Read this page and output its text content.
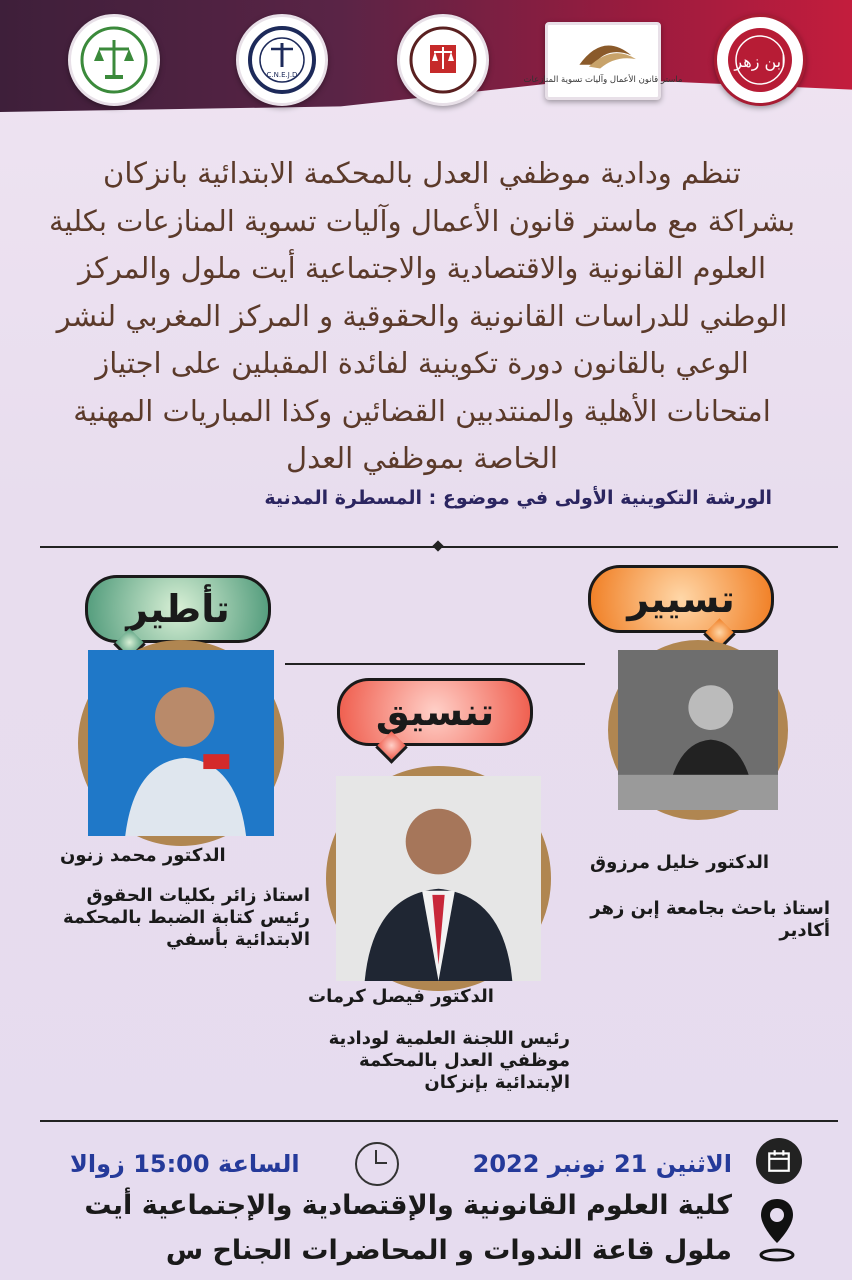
C.N.E.J.D	ماستر قانون الأعمال وآليات تسوية المنازعات
ابن زهر
تنظم ودادية موظفي العدل بالمحكمة الابتدائية بانزكان
بشراكة مع ماستر قانون الأعمال وآليات تسوية المنازعات بكلية
العلوم القانونية والاقتصادية والاجتماعية أيت ملول والمركز
الوطني للدراسات القانونية والحقوقية و المركز المغربي لنشر
الوعي بالقانون دورة تكوينية لفائدة المقبلين على اجتياز
امتحانات الأهلية والمنتدبين القضائين وكذا المباريات المهنية
الخاصة بموظفي العدل
الورشة التكوينية الأولى في موضوع : المسطرة المدنية
تأطير	تسيير
تنسيق
الدكتور محمد زنون
استاذ زائر بكليات الحقوق
رئيس كتابة الضبط بالمحكمة
الابتدائية بأسفي
الدكتور خليل مرزوق
استاذ باحث بجامعة إبن زهر
أكادير
الدكتور فيصل كرمات
رئيس اللجنة العلمية لودادية
موظفي العدل بالمحكمة
الإبتدائية بإنزكان
الاثنين 21 نونبر 2022
الساعة 15:00 زوالا
كلية العلوم القانونية والإقتصادية والإجتماعية أيت
ملول قاعة الندوات و المحاضرات الجناح س
